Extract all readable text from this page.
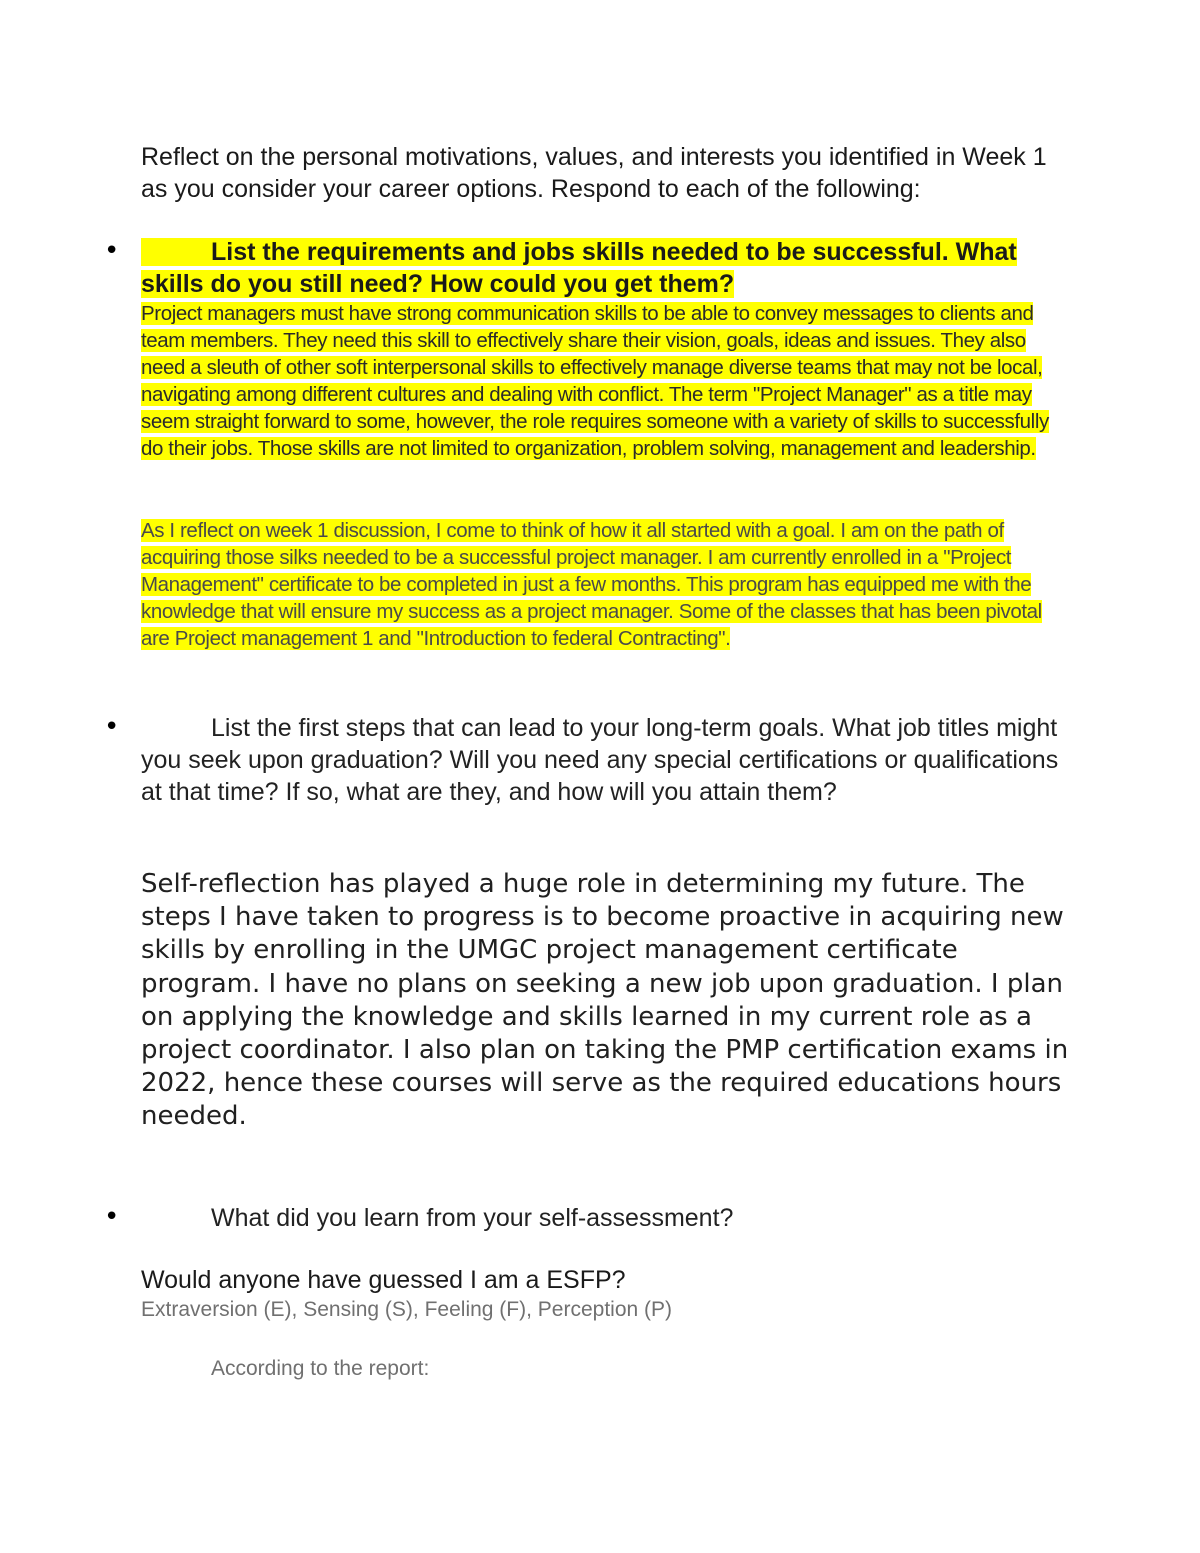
Reflect on the personal motivations, values, and interests you identified in Week 1 as you consider your career options. Respond to each of the following:
•	List the requirements and jobs skills needed to be successful. What skills do you still need? How could you get them?
Project managers must have strong communication skills to be able to convey messages to clients and team members. They need this skill to effectively share their vision, goals, ideas and issues. They also need a sleuth of other soft interpersonal skills to effectively manage diverse teams that may not be local, navigating among different cultures and dealing with conflict. The term "Project Manager" as a title may seem straight forward to some, however, the role requires someone with a variety of skills to successfully do their jobs. Those skills are not limited to organization, problem solving, management and leadership.
As I reflect on week 1 discussion, I come to think of how it all started with a goal. I am on the path of acquiring those silks needed to be a successful project manager. I am currently enrolled in a "Project Management" certificate to be completed in just a few months. This program has equipped me with the knowledge that will ensure my success as a project manager. Some of the classes that has been pivotal are Project management 1 and "Introduction to federal Contracting".
•	List the first steps that can lead to your long-term goals. What job titles might you seek upon graduation? Will you need any special certifications or qualifications at that time? If so, what are they, and how will you attain them?
Self-reflection has played a huge role in determining my future. The steps I have taken to progress is to become proactive in acquiring new skills by enrolling in the UMGC project management certificate program. I have no plans on seeking a new job upon graduation. I plan on applying the knowledge and skills learned in my current role as a project coordinator. I also plan on taking the PMP certification exams in 2022, hence these courses will serve as the required educations hours needed.
•	What did you learn from your self-assessment?
Would anyone have guessed I am a ESFP?
Extraversion (E), Sensing (S), Feeling (F), Perception (P)
According to the report:
